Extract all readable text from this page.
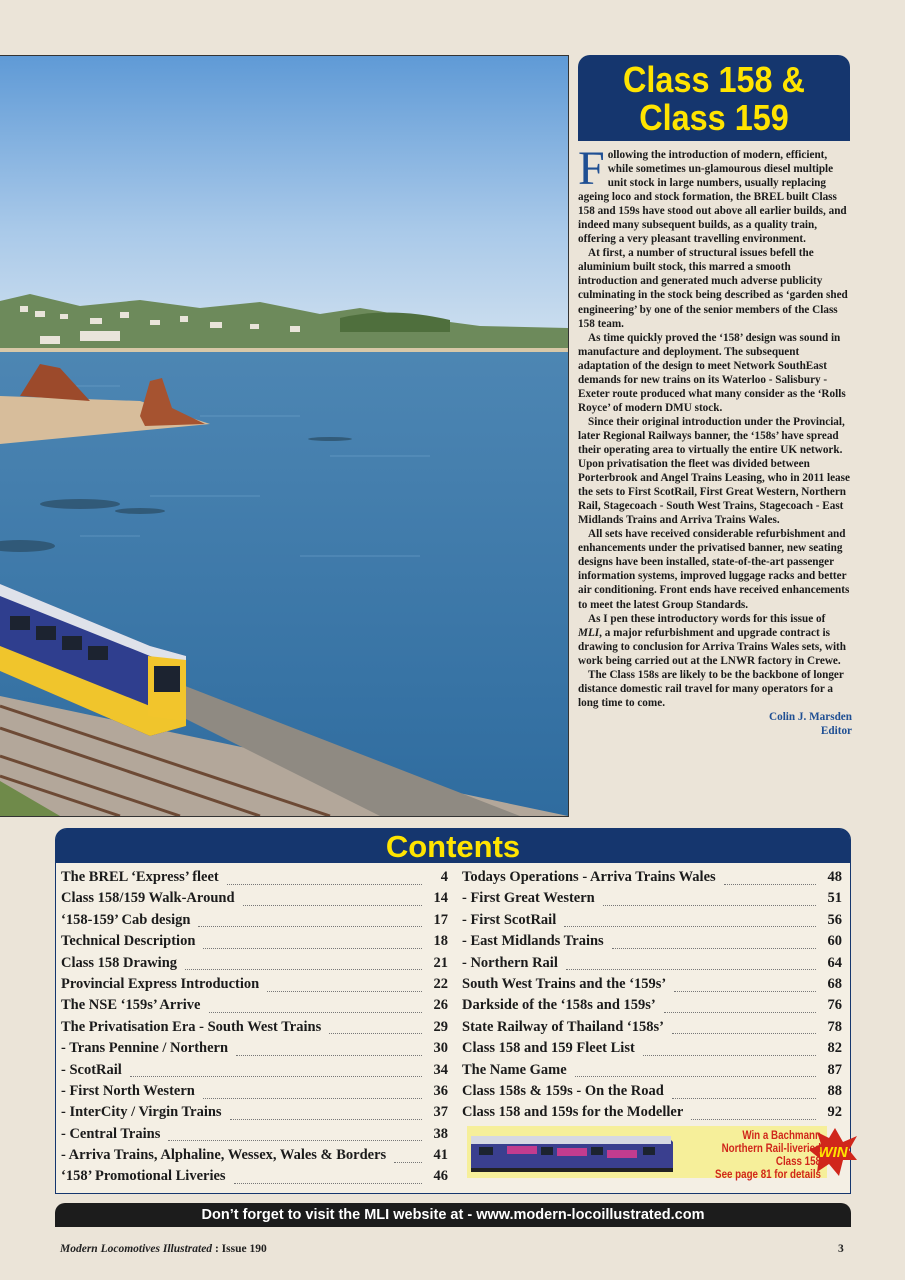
Class 158 &
Class 159

Following the introduction of modern, efficient, while sometimes un-glamourous diesel multiple unit stock in large numbers, usually replacing ageing loco and stock formation, the BREL built Class 158 and 159s have stood out above all earlier builds, and indeed many subsequent builds, as a quality train, offering a very pleasant travelling environment.

At first, a number of structural issues befell the aluminium built stock, this marred a smooth introduction and generated much adverse publicity culminating in the stock being described as ‘garden shed engineering’ by one of the senior members of the Class 158 team.

As time quickly proved the ‘158’ design was sound in manufacture and deployment. The subsequent adaptation of the design to meet Network SouthEast demands for new trains on its Waterloo - Salisbury - Exeter route produced what many consider as the ‘Rolls Royce’ of modern DMU stock.

Since their original introduction under the Provincial, later Regional Railways banner, the ‘158s’ have spread their operating area to virtually the entire UK network. Upon privatisation the fleet was divided between Porterbrook and Angel Trains Leasing, who in 2011 lease the sets to First ScotRail, First Great Western, Northern Rail, Stagecoach - South West Trains, Stagecoach - East Midlands Trains and Arriva Trains Wales.

All sets have received considerable refurbishment and enhancements under the privatised banner, new seating designs have been installed, state-of-the-art passenger information systems, improved luggage racks and better air conditioning. Front ends have received enhancements to meet the latest Group Standards.

As I pen these introductory words for this issue of MLI, a major refurbishment and upgrade contract is drawing to conclusion for Arriva Trains Wales sets, with work being carried out at the LNWR factory in Crewe.

The Class 158s are likely to be the backbone of longer distance domestic rail travel for many operators for a long time to come.

Colin J. Marsden
Editor
Contents
The BREL ‘Express’ fleet	4
Class 158/159 Walk-Around	14
‘158-159’ Cab design	17
Technical Description	18
Class 158 Drawing	21
Provincial Express Introduction	22
The NSE ‘159s’ Arrive	26
The Privatisation Era - South West Trains	29
- Trans Pennine / Northern	30
- ScotRail	34
- First North Western	36
- InterCity / Virgin Trains	37
- Central Trains	38
- Arriva Trains, Alphaline, Wessex, Wales & Borders	41
‘158’ Promotional Liveries	46
Todays Operations - Arriva Trains Wales	48
- First Great Western	51
- First ScotRail	56
- East Midlands Trains	60
- Northern Rail	64
South West Trains and the ‘159s’	68
Darkside of the ‘158s and 159s’	76
State Railway of Thailand ‘158s’	78
Class 158 and 159 Fleet List	82
The Name Game	87
Class 158s & 159s - On the Road	88
Class 158 and 159s for the Modeller	92
WIN
Win a Bachmann
Northern Rail-liveried Class 158
See page 81 for details
Don’t forget to visit the MLI website at - www.modern-locoillustrated.com
Modern Locomotives Illustrated : Issue 190	3
